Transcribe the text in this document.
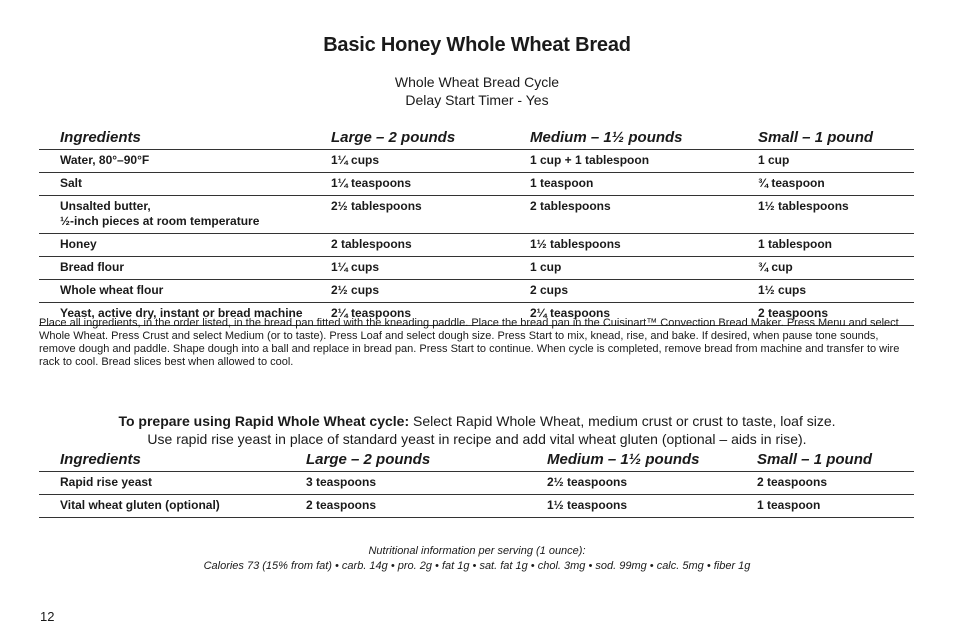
Basic Honey Whole Wheat Bread
Whole Wheat Bread Cycle
Delay Start Timer - Yes
Ingredients	Large – 2 pounds	Medium – 1½ pounds	Small – 1 pound
Water, 80°–90°F	1¼ cups	1 cup + 1 tablespoon	1 cup
Salt	1¼ teaspoons	1 teaspoon	¾ teaspoon

Unsalted butter,
½-inch pieces at room temperature	2½ tablespoons	2 tablespoons	1½ tablespoons
Honey	2 tablespoons	1½ tablespoons	1 tablespoon
Bread flour	1¼ cups	1 cup	¾ cup
Whole wheat flour	2½ cups	2 cups	1½ cups
Yeast, active dry, instant or bread machine	2¼ teaspoons	2¼ teaspoons	2 teaspoons
Place all ingredients, in the order listed, in the bread pan fitted with the kneading paddle. Place the bread pan in the Cuisinart™ Convection Bread Maker. Press Menu and select Whole Wheat. Press Crust and select Medium (or to taste). Press Loaf and select dough size. Press Start to mix, knead, rise, and bake. If desired, when pause tone sounds, remove dough and paddle. Shape dough into a ball and replace in bread pan. Press Start to continue. When cycle is completed, remove bread from machine and transfer to wire rack to cool. Bread slices best when allowed to cool.
To prepare using Rapid Whole Wheat cycle: Select Rapid Whole Wheat, medium crust or crust to taste, loaf size.
Use rapid rise yeast in place of standard yeast in recipe and add vital wheat gluten (optional – aids in rise).
Ingredients	Large – 2 pounds	Medium – 1½ pounds	Small – 1 pound
Rapid rise yeast	3 teaspoons	2½ teaspoons	2 teaspoons
Vital wheat gluten (optional)	2 teaspoons	1½ teaspoons	1 teaspoon
Nutritional information per serving (1 ounce):
Calories 73 (15% from fat) • carb. 14g • pro. 2g • fat 1g • sat. fat 1g • chol. 3mg • sod. 99mg • calc. 5mg • fiber 1g
12
